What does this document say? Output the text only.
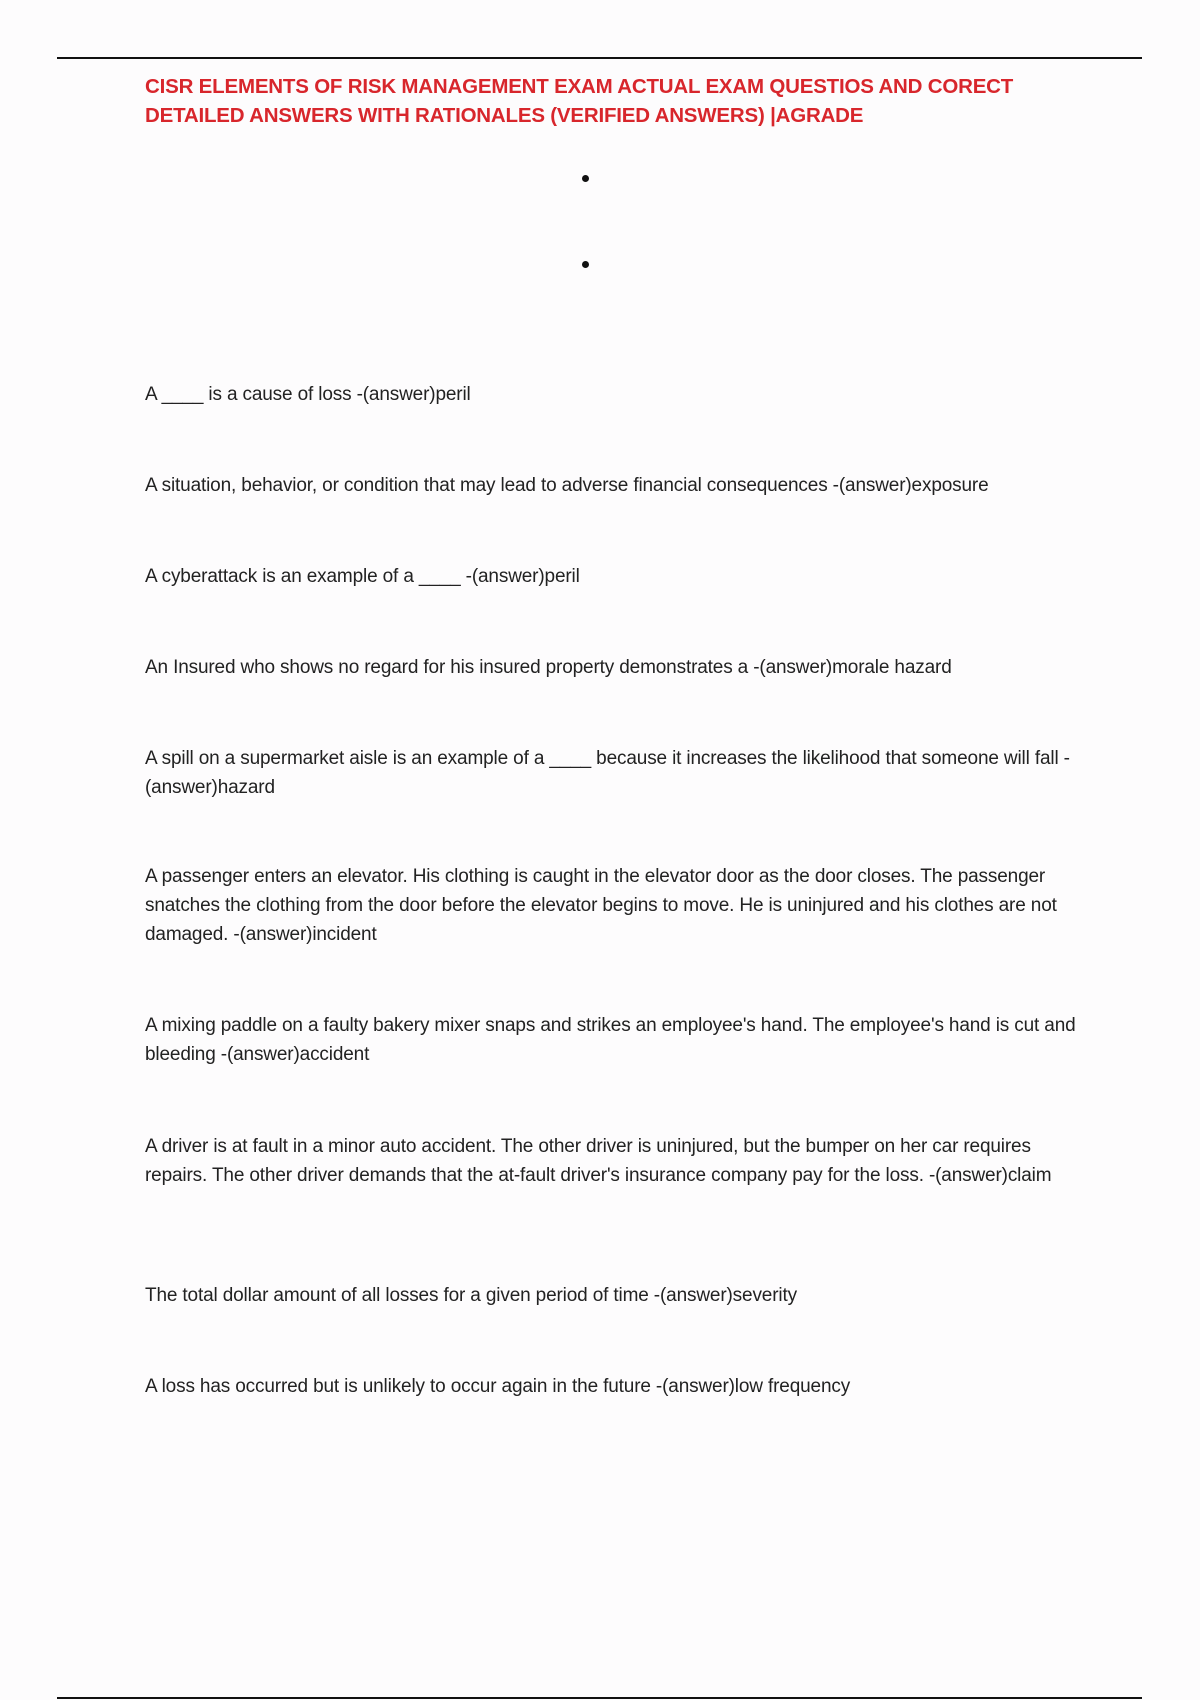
CISR ELEMENTS OF RISK MANAGEMENT EXAM ACTUAL EXAM QUESTIOS AND CORECT DETAILED ANSWERS WITH RATIONALES (VERIFIED ANSWERS) |AGRADE

A ____ is a cause of loss -(answer)peril

A situation, behavior, or condition that may lead to adverse financial consequences -(answer)exposure

A cyberattack is an example of a ____ -(answer)peril

An Insured who shows no regard for his insured property demonstrates a -(answer)morale hazard

A spill on a supermarket aisle is an example of a ____ because it increases the likelihood that someone will fall -(answer)hazard

A passenger enters an elevator. His clothing is caught in the elevator door as the door closes. The passenger snatches the clothing from the door before the elevator begins to move. He is uninjured and his clothes are not damaged. -(answer)incident

A mixing paddle on a faulty bakery mixer snaps and strikes an employee's hand. The employee's hand is cut and bleeding -(answer)accident

A driver is at fault in a minor auto accident. The other driver is uninjured, but the bumper on her car requires repairs. The other driver demands that the at-fault driver's insurance company pay for the loss. -(answer)claim

The total dollar amount of all losses for a given period of time -(answer)severity

A loss has occurred but is unlikely to occur again in the future -(answer)low frequency
